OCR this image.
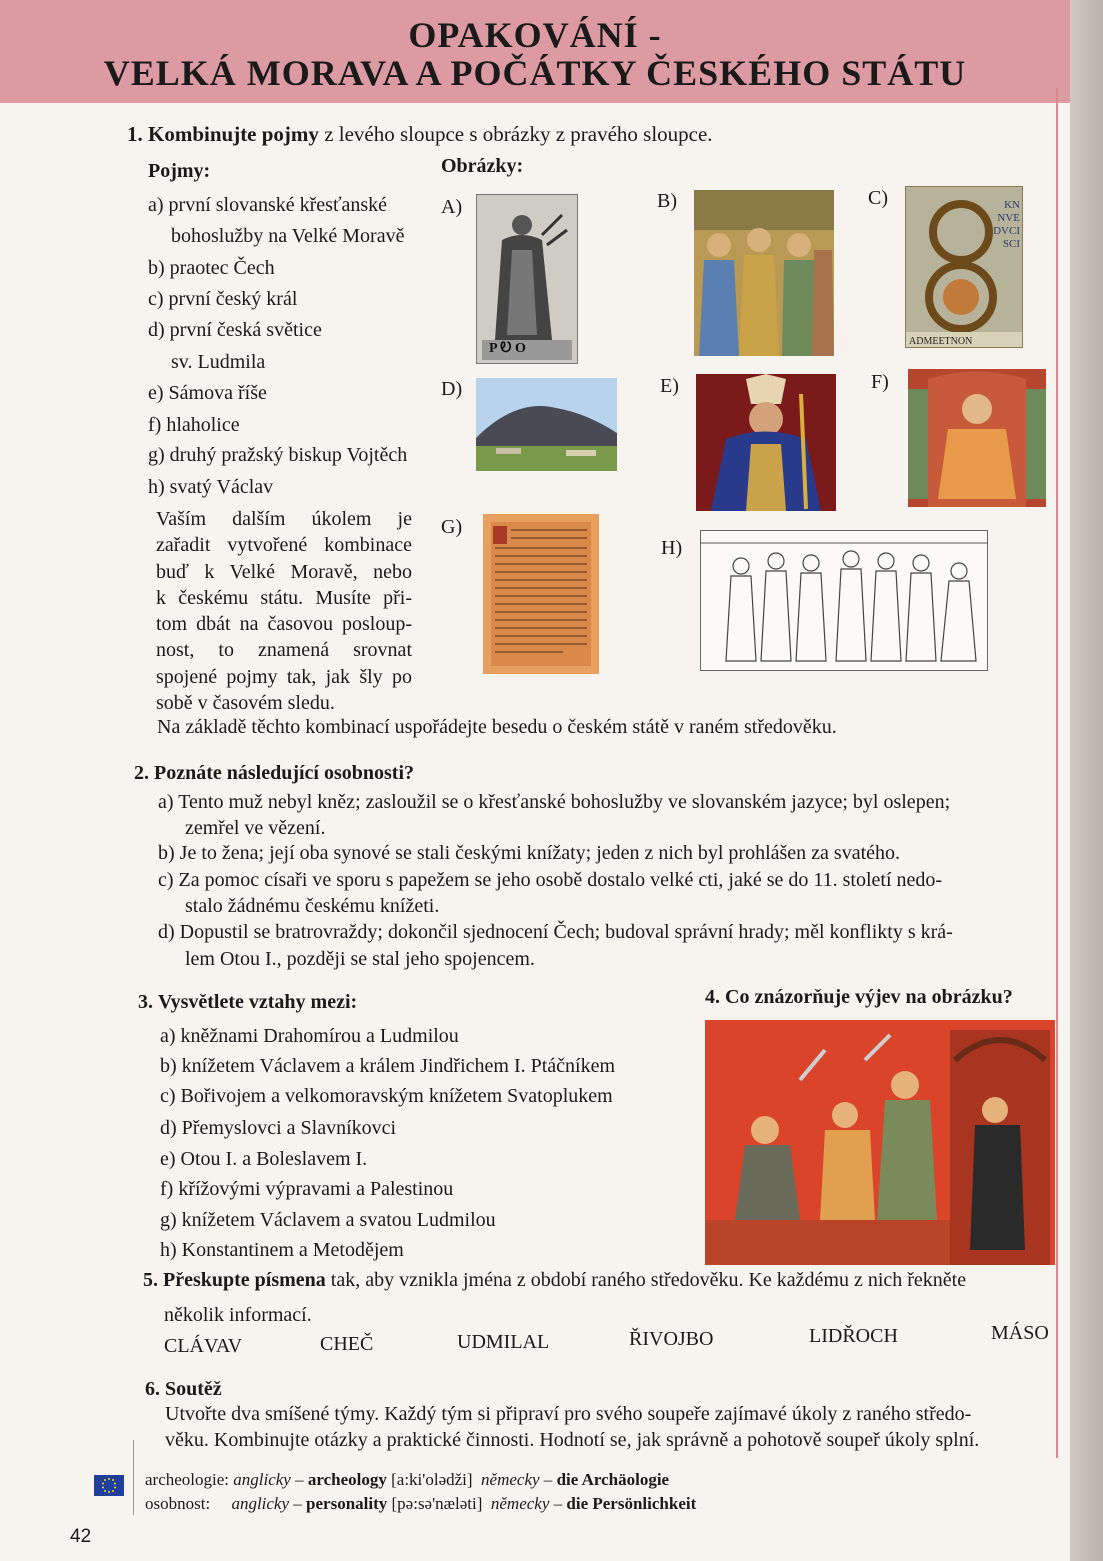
OPAKOVÁNÍ -
VELKÁ MORAVA A POČÁTKY ČESKÉHO STÁTU
1. Kombinujte pojmy z levého sloupce s obrázky z pravého sloupce.
Pojmy:	Obrázky:
a) první slovanské křesťanské
bohoslužby na Velké Moravě
b) praotec Čech
c) první český král
d) první česká světice
sv. Ludmila
e) Sámova říše
f) hlaholice
g) druhý pražský biskup Vojtěch
h) svatý Václav
Vaším dalším úkolem je
zařadit vytvořené kombinace
buď k Velké Moravě, nebo
k českému státu. Musíte při-
tom dbát na časovou posloup-
nost, to znamená srovnat
spojené pojmy tak, jak šly po
sobě v časovém sledu.
Na základě těchto kombinací uspořádejte besedu o českém státě v raném středověku.
A)	B)	C)
D)	E)	F)
G)
H)
P Ꭷ O
KN
NVE
DVCI
SCI
ADMEETNON
2. Poznáte následující osobnosti?
a) Tento muž nebyl kněz; zasloužil se o křesťanské bohoslužby ve slovanském jazyce; byl oslepen;
zemřel ve vězení.
b) Je to žena; její oba synové se stali českými knížaty; jeden z nich byl prohlášen za svatého.
c) Za pomoc císaři ve sporu s papežem se jeho osobě dostalo velké cti, jaké se do 11. století nedo-
stalo žádnému českému knížeti.
d) Dopustil se bratrovraždy; dokončil sjednocení Čech; budoval správní hrady; měl konflikty s krá-
lem Otou I., později se stal jeho spojencem.
3. Vysvětlete vztahy mezi:
a) kněžnami Drahomírou a Ludmilou
b) knížetem Václavem a králem Jindřichem I. Ptáčníkem
c) Bořivojem a velkomoravským knížetem Svatoplukem
d) Přemyslovci a Slavníkovci
e) Otou I. a Boleslavem I.
f) křížovými výpravami a Palestinou
g) knížetem Václavem a svatou Ludmilou
h) Konstantinem a Metodějem
4. Co znázorňuje výjev na obrázku?
5. Přeskupte písmena tak, aby vznikla jména z období raného středověku. Ke každému z nich řekněte
několik informací.
CLÁVAV	CHEČ	UDMILAL	ŘIVOJBO	LIDŘOCH	MÁSO
6. Soutěž
Utvořte dva smíšené týmy. Každý tým si připraví pro svého soupeře zajímavé úkoly z raného středo-
věku. Kombinujte otázky a praktické činnosti. Hodnotí se, jak správně a pohotově soupeř úkoly splní.
archeologie: anglicky – archeology [a:ki'olədži] německy – die Archäologie
osobnost: anglicky – personality [pə:sə'næləti] německy – die Persönlichkeit
42
